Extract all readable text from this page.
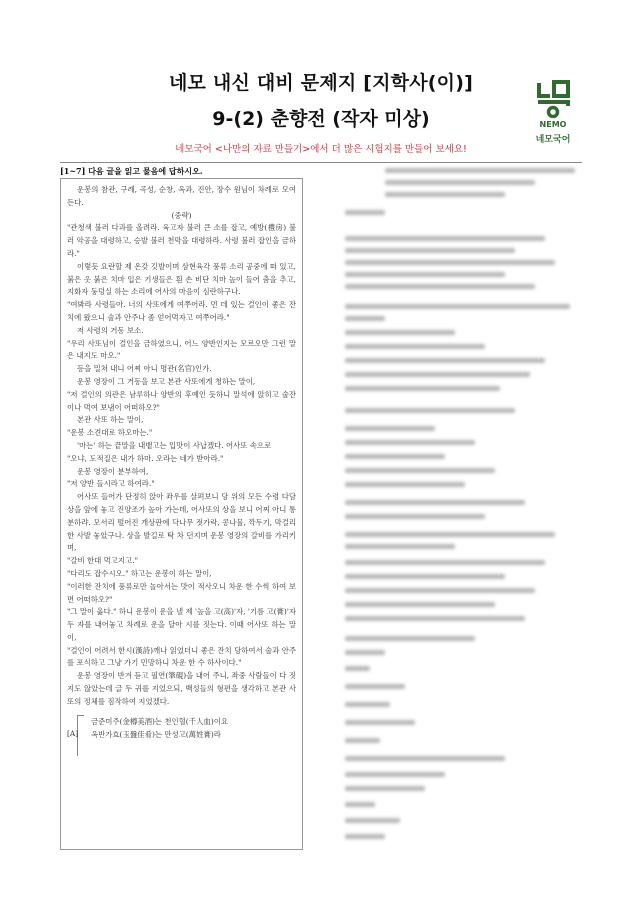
네모 내신 대비 문제지 [지학사(이)]
9-(2) 춘향전 (작자 미상)
네모국어 <나만의 자료 만들기>에서 더 많은 시험지를 만들어 보세요!
NEMO
네모국어
[1~7] 다음 글을 읽고 물음에 답하시오.

운봉의 참관, 구례, 곡성, 순창, 옥과, 진안, 장수 원님이 차례로 모여든다.

(중략)

"관청색 불러 다과를 올려라. 육고자 불러 큰 소를 잡고, 예방(禮房) 불러 악공을 대령하고, 승발 불러 천막을 대령하라. 사령 불러 잡인을 금하라."

이렇듯 요란할 제 온갖 깃발이며 삼현육각 풍류 소리 공중에 떠 있고, 붉은 옷 붉은 치마 입은 기생들은 흰 손 비단 치마 높이 들어 춤을 추고, 지화자 둥덩실 하는 소리에 어사의 마음이 심란하구나.

"여봐라 사령들아. 너의 사또에게 여쭈어라. 먼 데 있는 걸인이 좋은 잔치에 왔으니 술과 안주나 좀 얻어먹자고 여쭈어라."

저 사령의 거동 보소.

"우리 사또님이 걸인을 금하였으니, 어느 양반인지는 모르오만 그런 말은 내지도 마오."

등을 밀쳐 내니 어찌 아니 명관(名官)인가.

운봉 영장이 그 거동을 보고 본관 사또에게 청하는 말이,

"저 걸인의 의관은 남루하나 양반의 후예인 듯하니 말석에 앉히고 술잔이나 먹여 보냄이 어떠하오?"

본관 사또 하는 말이,

"운봉 소견대로 하오마는."

'마는' 하는 끝말을 내뱉고는 입맛이 사납겠다. 어사또 속으로

"오냐, 도적질은 내가 하마. 오라는 네가 받아라."

운봉 영장이 분부하여,

"저 양반 들시라고 하여라."

어사또 들어가 단정히 앉아 좌우를 살펴보니 당 위의 모든 수령 다담상을 앞에 놓고 진양조가 높아 가는데, 어사또의 상을 보니 어찌 아니 통분하랴. 모서리 떨어진 개상판에 닥나무 젓가락, 콩나물, 깍두기, 막걸리 한 사발 놓았구나. 상을 발길로 탁 차 던지며 운봉 영장의 갈비를 가리키며,

"갈비 한대 먹고지고."

"다리도 잡수시오." 하고는 운봉이 하는 말이,

"이러한 잔치에 풍류로만 놀아서는 맛이 적사오니 차운 한 수씩 하여 보면 어떠하오?"

"그 말이 옳다." 하니 운봉이 운을 낼 제 '높을 고(高)'자, '기름 고(膏)'자 두 자를 내어놓고 차례로 운을 달아 시를 짓는다. 이때 어사또 하는 말이,

"걸인이 어려서 한시(漢詩)깨나 읽었더니 좋은 잔치 당하여서 술과 안주를 포식하고 그냥 가기 민망하니 차운 한 수 하사이다."

운봉 영장이 반겨 듣고 필연(筆硯)을 내어 주니, 좌중 사람들이 다 짓지도 않았는데 글 두 귀를 지었으되, 백성들의 형편을 생각하고 본관 사또의 정체를 짐작하여 지었겠다.

[A]
금준미주(金樽美酒)는 천인혈(千人血)이요
옥반가효(玉盤佳肴)는 만성고(萬姓膏)라
